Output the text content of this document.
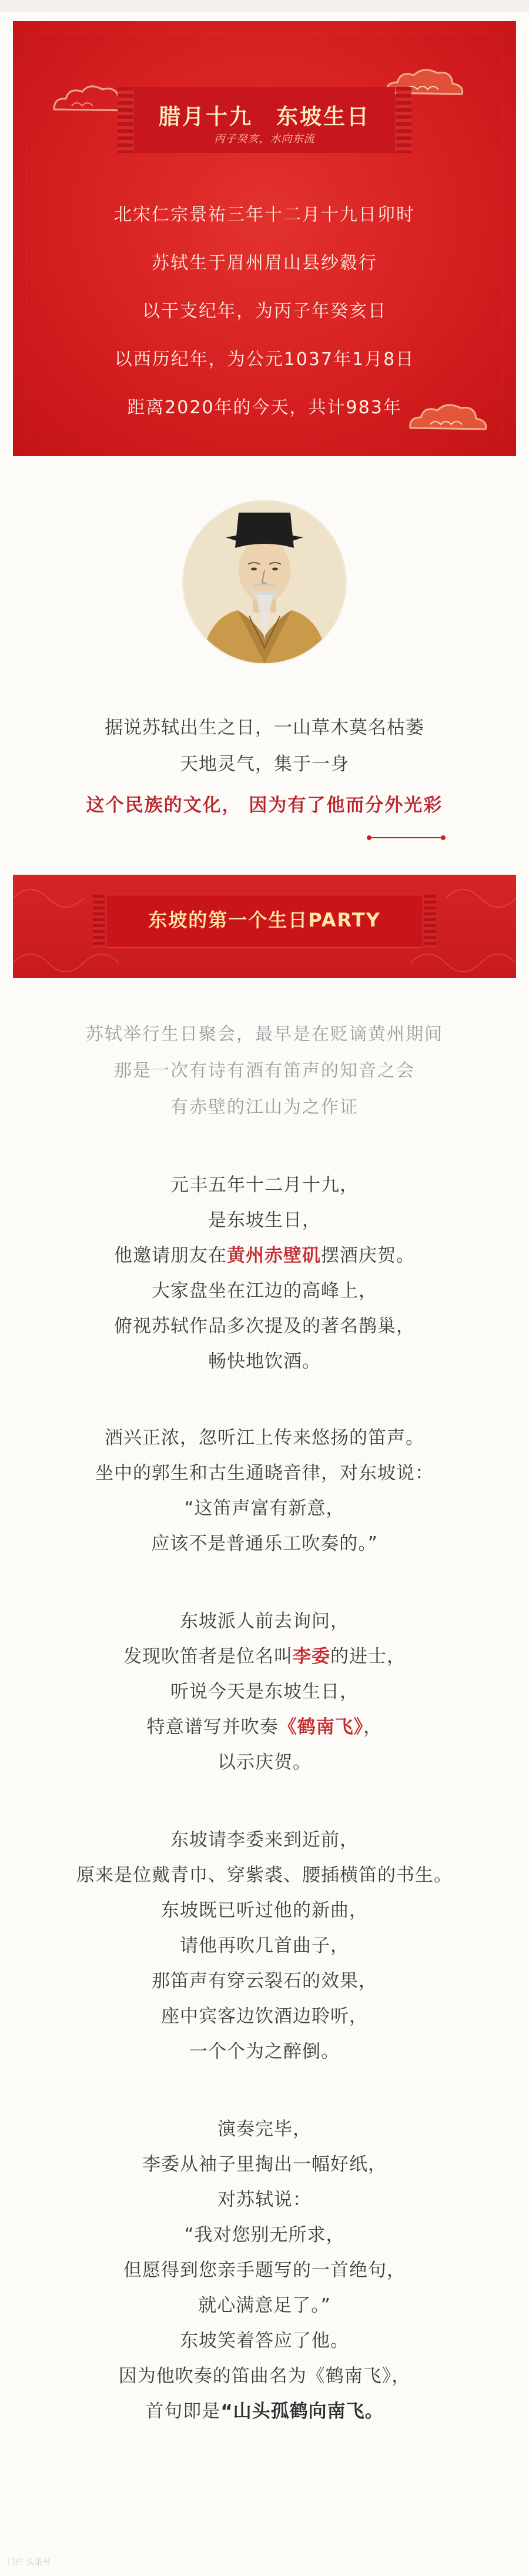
腊月十九　东坡生日
丙子癸亥，水向东流
北宋仁宗景祐三年十二月十九日卯时
苏轼生于眉州眉山县纱縠行
以干支纪年，为丙子年癸亥日
以西历纪年，为公元1037年1月8日
距离2020年的今天，共计983年
据说苏轼出生之日，一山草木莫名枯萎
天地灵气，集于一身
这个民族的文化， 因为有了他而分外光彩
东坡的第一个生日PARTY
苏轼举行生日聚会，最早是在贬谪黄州期间
那是一次有诗有酒有笛声的知音之会
有赤壁的江山为之作证
元丰五年十二月十九，
是东坡生日，
他邀请朋友在黄州赤壁矶摆酒庆贺。
大家盘坐在江边的高峰上，
俯视苏轼作品多次提及的著名鹊巢，
畅快地饮酒。
酒兴正浓，忽听江上传来悠扬的笛声。
坐中的郭生和古生通晓音律，对东坡说：
“这笛声富有新意，
应该不是普通乐工吹奏的。”
东坡派人前去询问，
发现吹笛者是位名叫李委的进士，
听说今天是东坡生日，
特意谱写并吹奏《鹤南飞》，
以示庆贺。
东坡请李委来到近前，
原来是位戴青巾、穿紫裘、腰插横笛的书生。
东坡既已听过他的新曲，
请他再吹几首曲子，
那笛声有穿云裂石的效果，
座中宾客边饮酒边聆听，
一个个为之醉倒。
演奏完毕，
李委从袖子里掏出一幅好纸，
对苏轼说：
“我对您别无所求，
但愿得到您亲手题写的一首绝句，
就心满意足了。”
东坡笑着答应了他。
因为他吹奏的笛曲名为《鹤南飞》，
首句即是“山头孤鹤向南飞。
门户 头条号
